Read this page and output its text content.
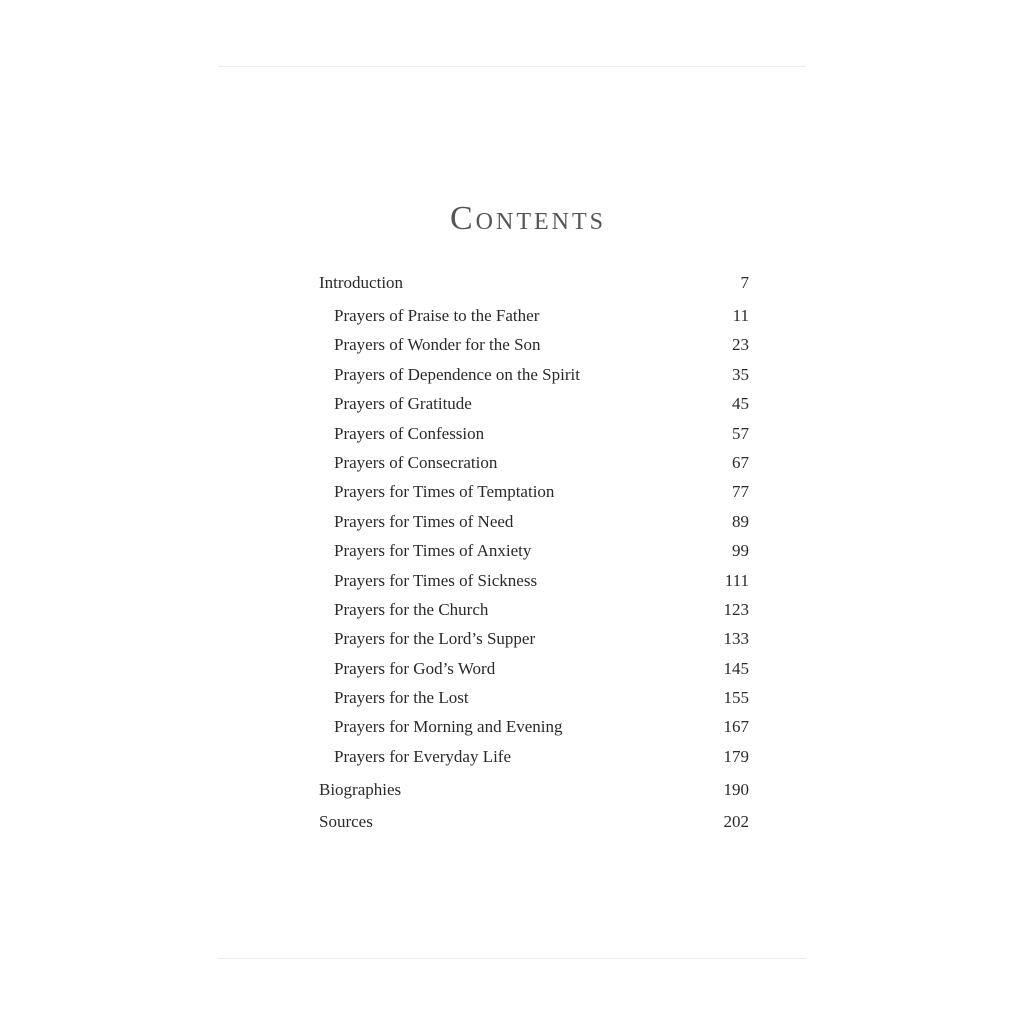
Contents
Introduction	7
Prayers of Praise to the Father	11
Prayers of Wonder for the Son	23
Prayers of Dependence on the Spirit	35
Prayers of Gratitude	45
Prayers of Confession	57
Prayers of Consecration	67
Prayers for Times of Temptation	77
Prayers for Times of Need	89
Prayers for Times of Anxiety	99
Prayers for Times of Sickness	111
Prayers for the Church	123
Prayers for the Lord’s Supper	133
Prayers for God’s Word	145
Prayers for the Lost	155
Prayers for Morning and Evening	167
Prayers for Everyday Life	179
Biographies	190
Sources	202
